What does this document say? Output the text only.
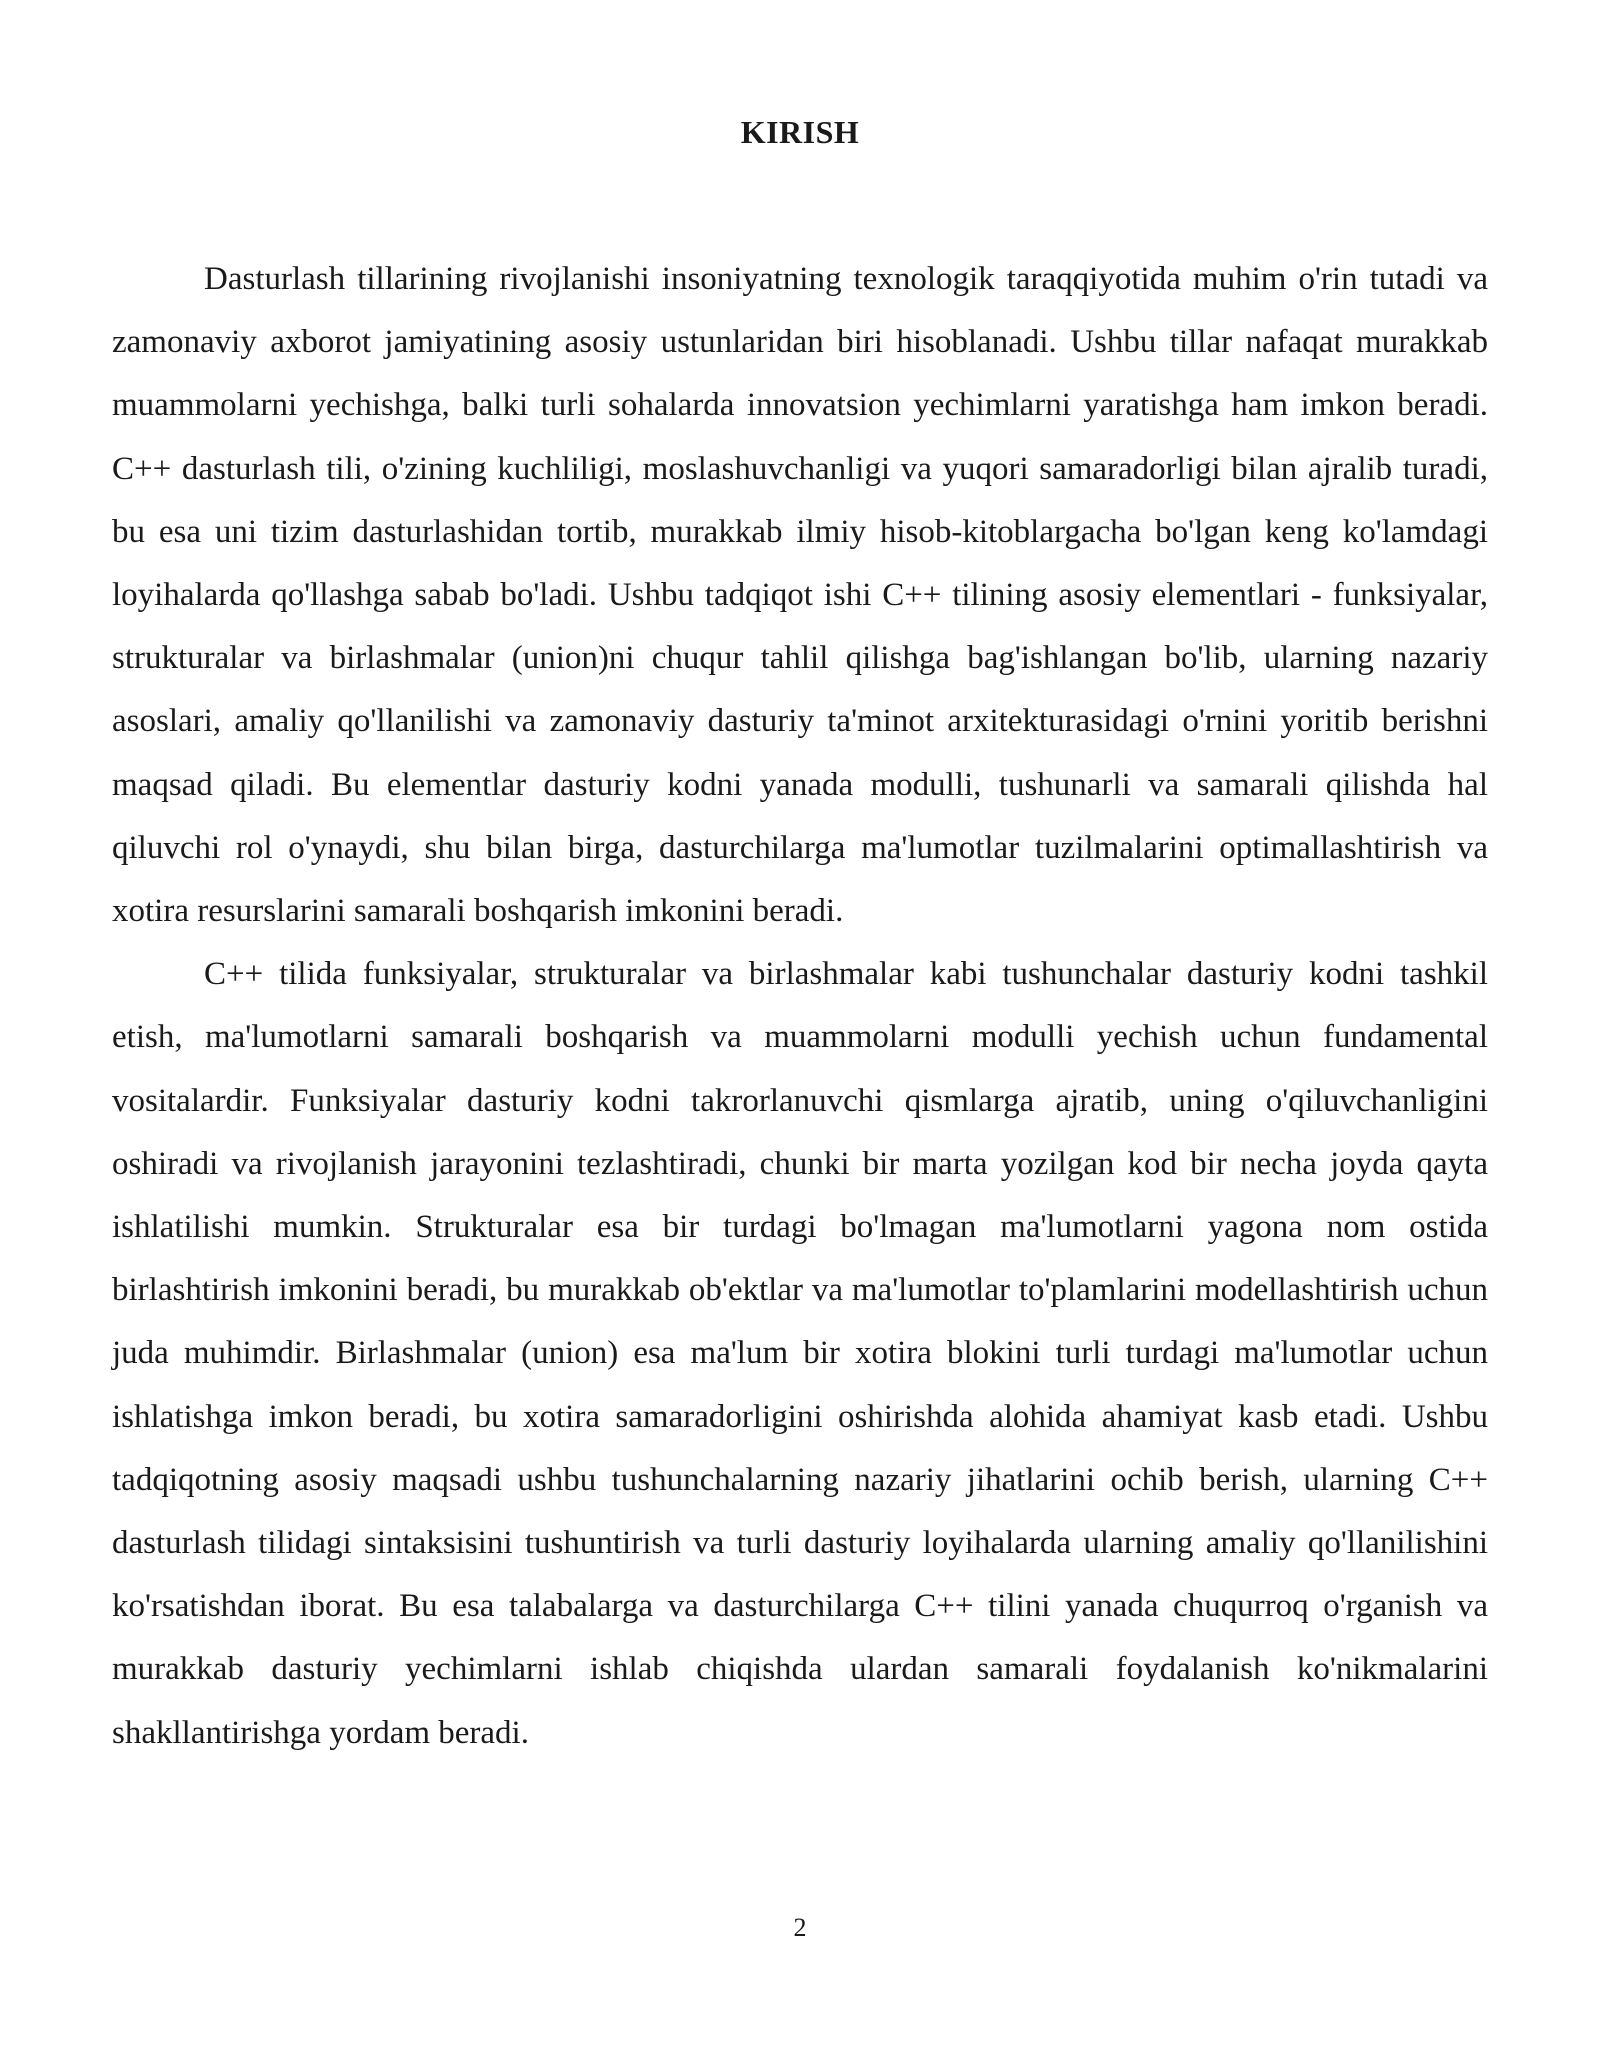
KIRISH

Dasturlash tillarining rivojlanishi insoniyatning texnologik taraqqiyotida muhim o'rin tutadi va zamonaviy axborot jamiyatining asosiy ustunlaridan biri hisoblanadi. Ushbu tillar nafaqat murakkab muammolarni yechishga, balki turli sohalarda innovatsion yechimlarni yaratishga ham imkon beradi. C++ dasturlash tili, o'zining kuchliligi, moslashuvchanligi va yuqori samaradorligi bilan ajralib turadi, bu esa uni tizim dasturlashidan tortib, murakkab ilmiy hisob-kitoblargacha bo'lgan keng ko'lamdagi loyihalarda qo'llashga sabab bo'ladi. Ushbu tadqiqot ishi C++ tilining asosiy elementlari - funksiyalar, strukturalar va birlashmalar (union)ni chuqur tahlil qilishga bag'ishlangan bo'lib, ularning nazariy asoslari, amaliy qo'llanilishi va zamonaviy dasturiy ta'minot arxitekturasidagi o'rnini yoritib berishni maqsad qiladi. Bu elementlar dasturiy kodni yanada modulli, tushunarli va samarali qilishda hal qiluvchi rol o'ynaydi, shu bilan birga, dasturchilarga ma'lumotlar tuzilmalarini optimallashtirish va xotira resurslarini samarali boshqarish imkonini beradi.

C++ tilida funksiyalar, strukturalar va birlashmalar kabi tushunchalar dasturiy kodni tashkil etish, ma'lumotlarni samarali boshqarish va muammolarni modulli yechish uchun fundamental vositalardir. Funksiyalar dasturiy kodni takrorlanuvchi qismlarga ajratib, uning o'qiluvchanligini oshiradi va rivojlanish jarayonini tezlashtiradi, chunki bir marta yozilgan kod bir necha joyda qayta ishlatilishi mumkin. Strukturalar esa bir turdagi bo'lmagan ma'lumotlarni yagona nom ostida birlashtirish imkonini beradi, bu murakkab ob'ektlar va ma'lumotlar to'plamlarini modellashtirish uchun juda muhimdir. Birlashmalar (union) esa ma'lum bir xotira blokini turli turdagi ma'lumotlar uchun ishlatishga imkon beradi, bu xotira samaradorligini oshirishda alohida ahamiyat kasb etadi. Ushbu tadqiqotning asosiy maqsadi ushbu tushunchalarning nazariy jihatlarini ochib berish, ularning C++ dasturlash tilidagi sintaksisini tushuntirish va turli dasturiy loyihalarda ularning amaliy qo'llanilishini ko'rsatishdan iborat. Bu esa talabalarga va dasturchilarga C++ tilini yanada chuqurroq o'rganish va murakkab dasturiy yechimlarni ishlab chiqishda ulardan samarali foydalanish ko'nikmalarini shakllantirishga yordam beradi.

2
